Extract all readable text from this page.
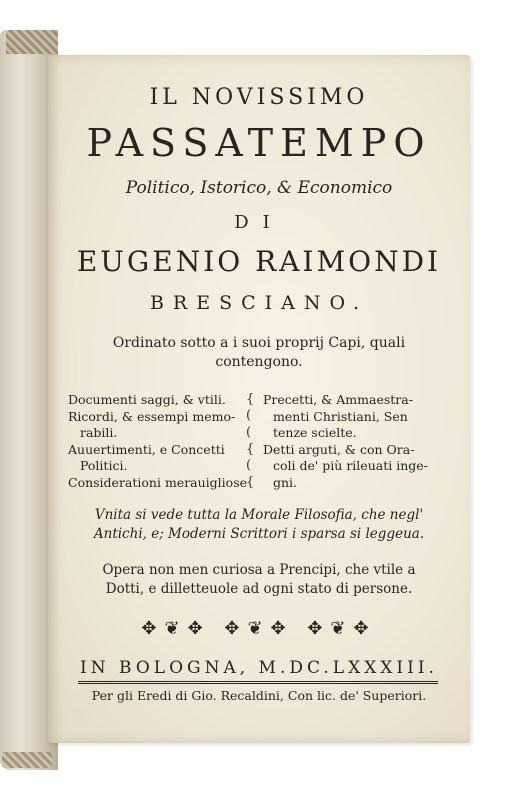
IL NOVISSIMO
PASSATEMPO
Politico, Istorico, & Economico
DI
EUGENIO RAIMONDI
BRESCIANO.
Ordinato sotto a i suoi proprij Capi, quali
contengono.
Documenti saggi, & vtili.
Ricordi, & essempi memo-
rabili.
Auuertimenti, e Concetti
Politici.
Considerationi merauigliose
{
(
(
{
(
{
Precetti, & Ammaestra-
menti Christiani, Sen
tenze scielte.
Detti arguti, & con Ora-
coli de' più rileuati inge-
gni.
Vnita si vede tutta la Morale Filosofia, che negl'
Antichi, e; Moderni Scrittori i sparsa si leggeua.
Opera non men curiosa a Prencipi, che vtile a
Dotti, e dilletteuole ad ogni stato di persone.
✥❦✥ ✥❦✥ ✥❦✥
IN BOLOGNA, M.DC.LXXXIII.
Per gli Eredi di Gio. Recaldini, Con lic. de' Superiori.
